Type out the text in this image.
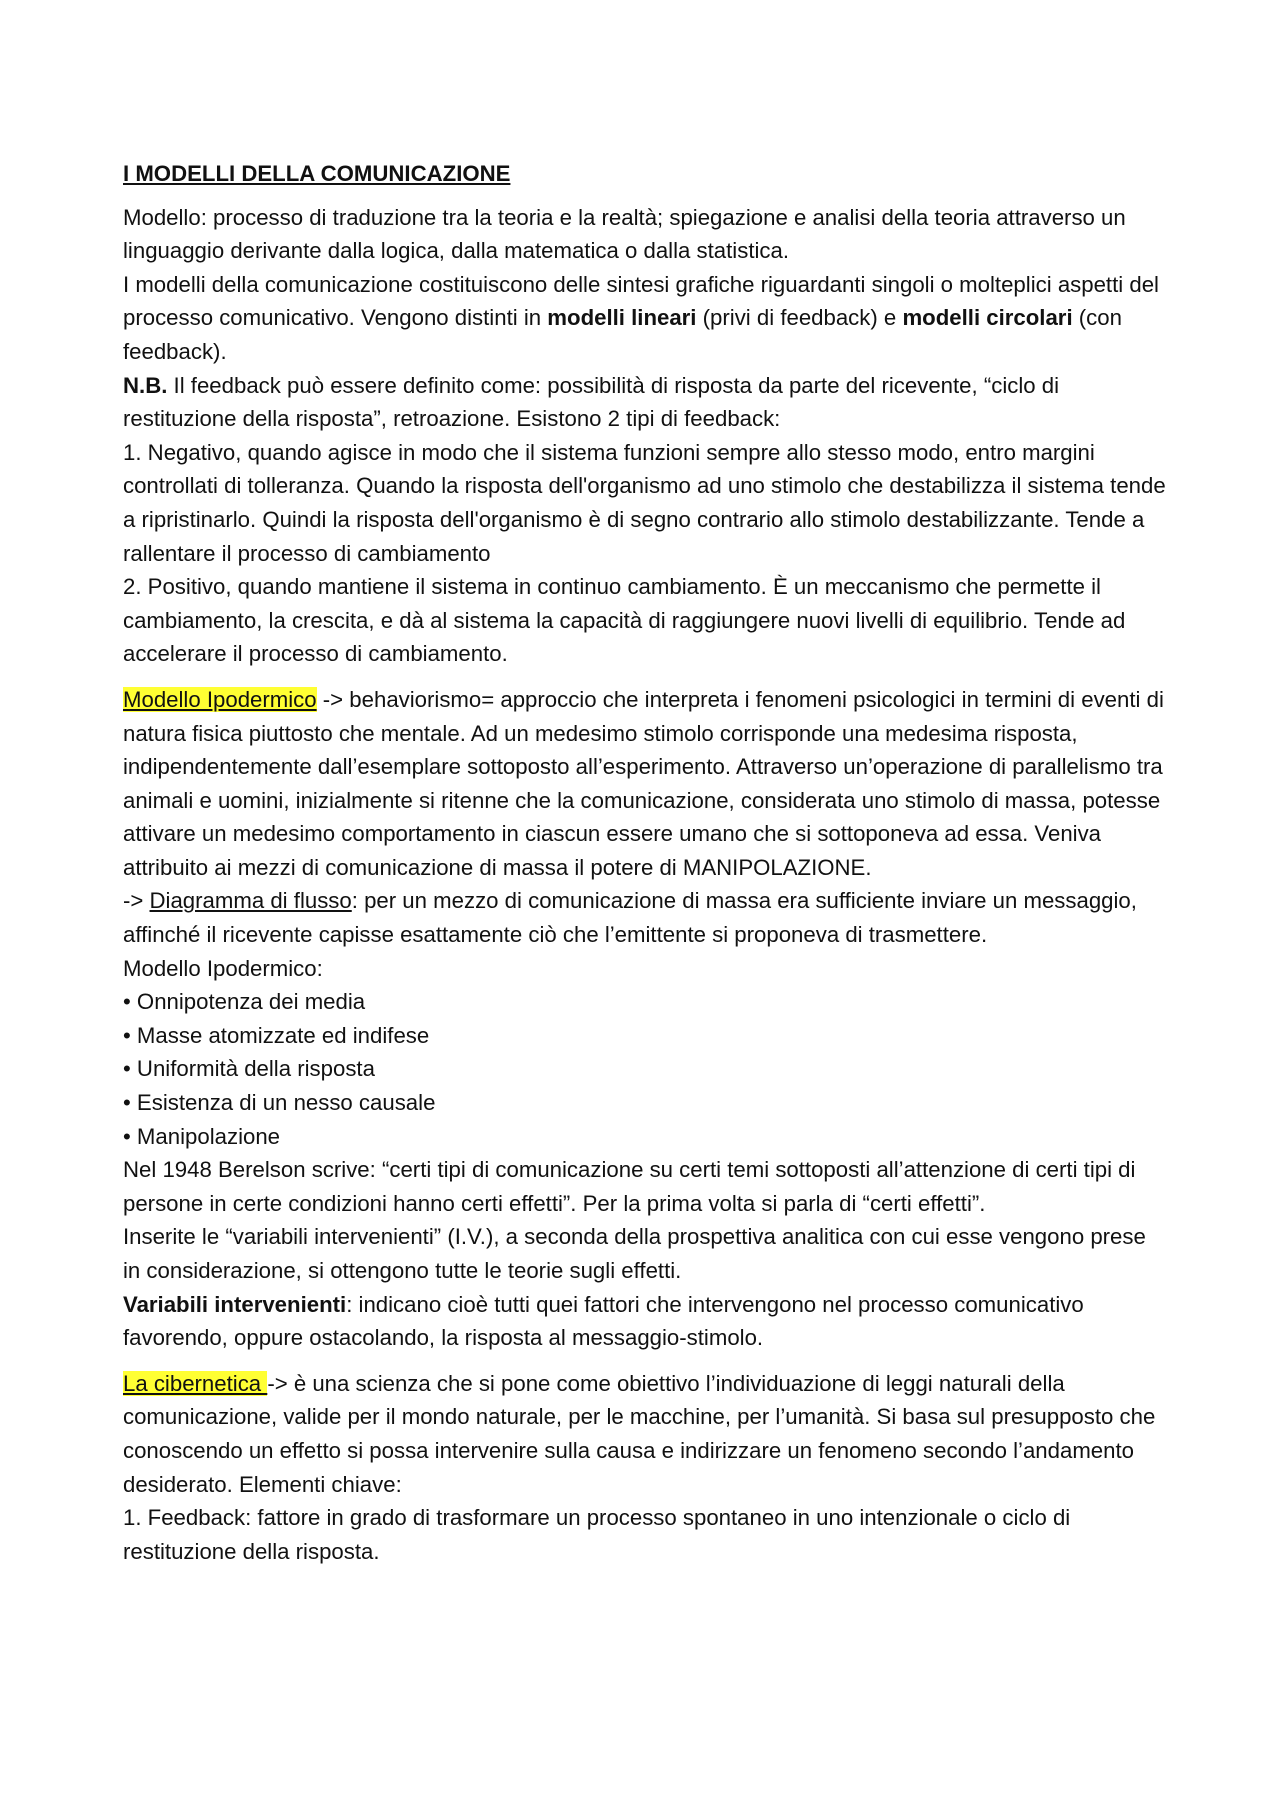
I MODELLI DELLA COMUNICAZIONE

Modello: processo di traduzione tra la teoria e la realtà; spiegazione e analisi della teoria attraverso un linguaggio derivante dalla logica, dalla matematica o dalla statistica.

I modelli della comunicazione costituiscono delle sintesi grafiche riguardanti singoli o molteplici aspetti del processo comunicativo. Vengono distinti in modelli lineari (privi di feedback) e modelli circolari (con feedback).

N.B. Il feedback può essere definito come: possibilità di risposta da parte del ricevente, “ciclo di restituzione della risposta”, retroazione. Esistono 2 tipi di feedback:

1. Negativo, quando agisce in modo che il sistema funzioni sempre allo stesso modo, entro margini controllati di tolleranza. Quando la risposta dell'organismo ad uno stimolo che destabilizza il sistema tende a ripristinarlo. Quindi la risposta dell'organismo è di segno contrario allo stimolo destabilizzante. Tende a rallentare il processo di cambiamento

2. Positivo, quando mantiene il sistema in continuo cambiamento. È un meccanismo che permette il cambiamento, la crescita, e dà al sistema la capacità di raggiungere nuovi livelli di equilibrio. Tende ad accelerare il processo di cambiamento.

Modello Ipodermico -> behaviorismo= approccio che interpreta i fenomeni psicologici in termini di eventi di natura fisica piuttosto che mentale. Ad un medesimo stimolo corrisponde una medesima risposta, indipendentemente dall’esemplare sottoposto all’esperimento. Attraverso un’operazione di parallelismo tra animali e uomini, inizialmente si ritenne che la comunicazione, considerata uno stimolo di massa, potesse attivare un medesimo comportamento in ciascun essere umano che si sottoponeva ad essa. Veniva attribuito ai mezzi di comunicazione di massa il potere di MANIPOLAZIONE.

-> Diagramma di flusso: per un mezzo di comunicazione di massa era sufficiente inviare un messaggio, affinché il ricevente capisse esattamente ciò che l’emittente si proponeva di trasmettere.

Modello Ipodermico:

• Onnipotenza dei media

• Masse atomizzate ed indifese

• Uniformità della risposta

• Esistenza di un nesso causale

• Manipolazione

Nel 1948 Berelson scrive: “certi tipi di comunicazione su certi temi sottoposti all’attenzione di certi tipi di persone in certe condizioni hanno certi effetti”. Per la prima volta si parla di “certi effetti”.

Inserite le “variabili intervenienti” (I.V.), a seconda della prospettiva analitica con cui esse vengono prese in considerazione, si ottengono tutte le teorie sugli effetti.

Variabili intervenienti: indicano cioè tutti quei fattori che intervengono nel processo comunicativo favorendo, oppure ostacolando, la risposta al messaggio-stimolo.

La cibernetica -> è una scienza che si pone come obiettivo l’individuazione di leggi naturali della comunicazione, valide per il mondo naturale, per le macchine, per l’umanità. Si basa sul presupposto che conoscendo un effetto si possa intervenire sulla causa e indirizzare un fenomeno secondo l’andamento desiderato. Elementi chiave:

1. Feedback: fattore in grado di trasformare un processo spontaneo in uno intenzionale o ciclo di restituzione della risposta.
